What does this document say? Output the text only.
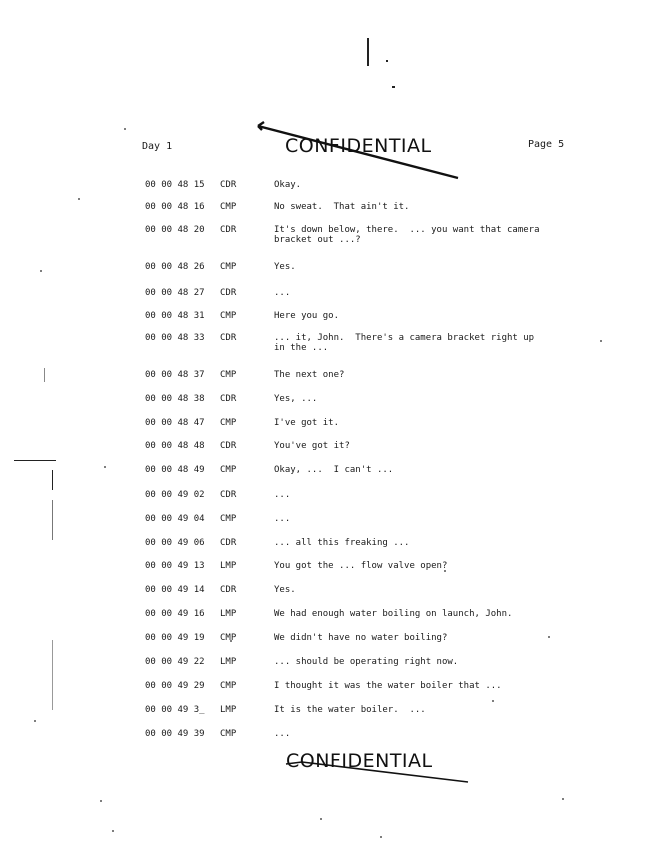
Day 1	Page 5
CONFIDENTIAL
00 00 48 15 CDR	Okay.
00 00 48 16 CMP	No sweat.  That ain't it.
00 00 48 20 CDR	It's down below, there.  ... you want that camera
bracket out ...?
00 00 48 26 CMP	Yes.
00 00 48 27 CDR	...
00 00 48 31 CMP	Here you go.
00 00 48 33 CDR	... it, John.  There's a camera bracket right up
in the ...
00 00 48 37 CMP	The next one?
00 00 48 38 CDR	Yes, ...
00 00 48 47 CMP	I've got it.
00 00 48 48 CDR	You've got it?
00 00 48 49 CMP	Okay, ...  I can't ...
00 00 49 02 CDR	...
00 00 49 04 CMP	...
00 00 49 06 CDR	... all this freaking ...
00 00 49 13 LMP	You got the ... flow valve open?
00 00 49 14 CDR	Yes.
00 00 49 16 LMP	We had enough water boiling on launch, John.
00 00 49 19 CMP	We didn't have no water boiling?
00 00 49 22 LMP	... should be operating right now.
00 00 49 29 CMP	I thought it was the water boiler that ...
00 00 49 3_ LMP	It is the water boiler.  ...
00 00 49 39 CMP	...
CONFIDENTIAL
